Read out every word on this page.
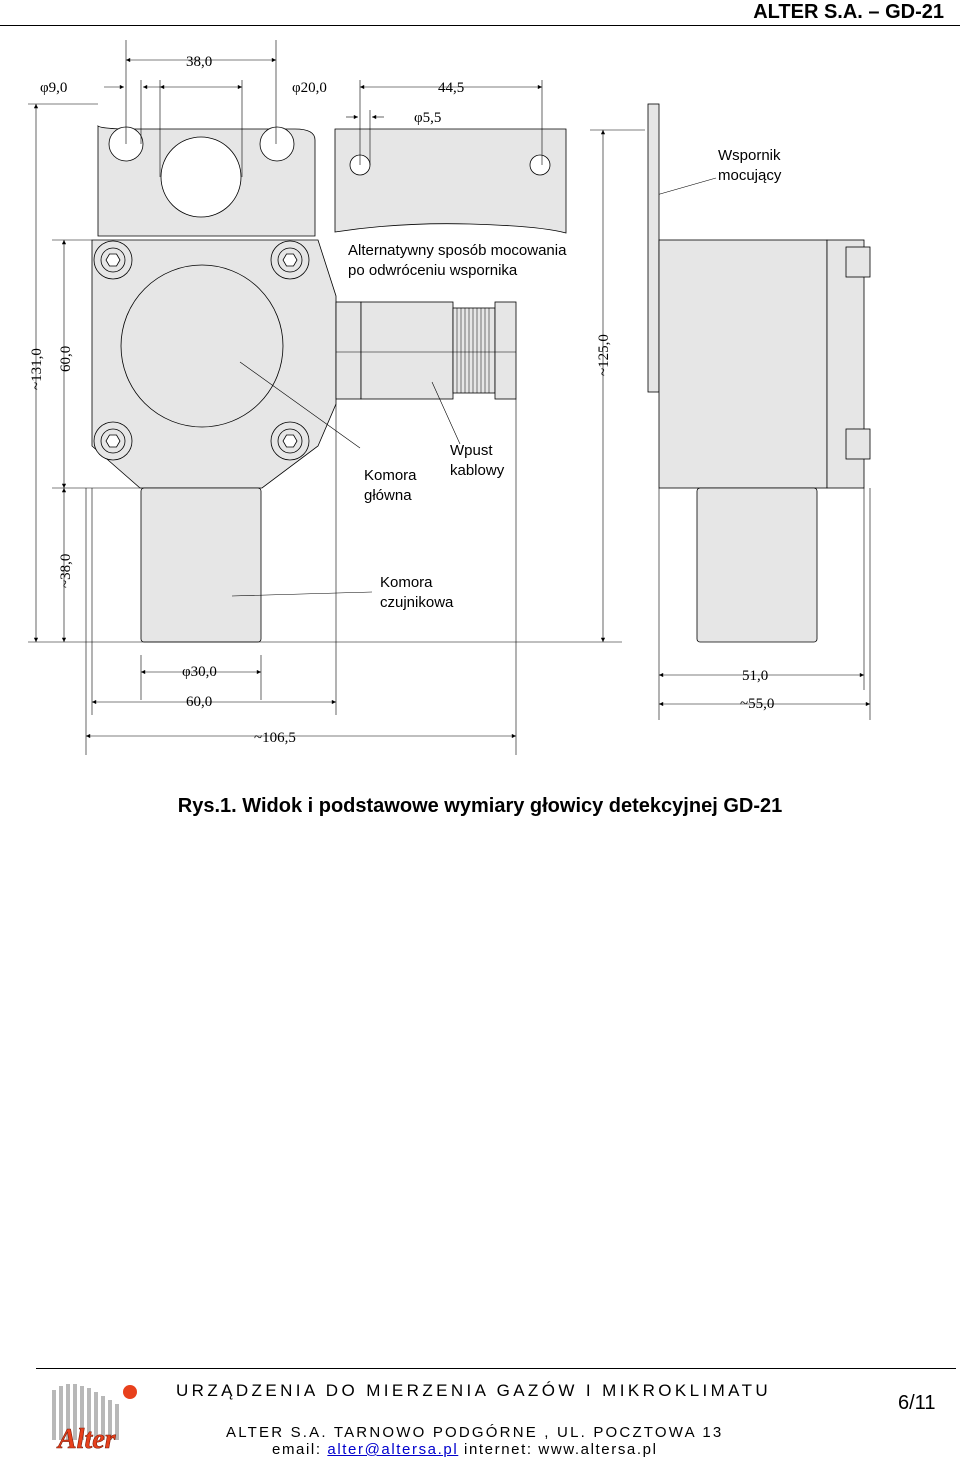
ALTER S.A. – GD-21
φ9,0
38,0
φ20,0	44,5
φ5,5
~131,0 60,0
~38,0
~125,0
φ30,0
60,0
~106,5
51,0
~55,0
Wspornik mocujący
Alternatywny sposób mocowania po odwróceniu wspornika
Komora główna
Wpust kablowy
Komora czujnikowa
Rys.1. Widok i podstawowe wymiary głowicy detekcyjnej GD-21
Alter
URZĄDZENIA DO MIERZENIA GAZÓW I MIKROKLIMATU
ALTER S.A. TARNOWO PODGÓRNE , UL. POCZTOWA 13
email: alter@altersa.pl internet: www.altersa.pl
6/11
